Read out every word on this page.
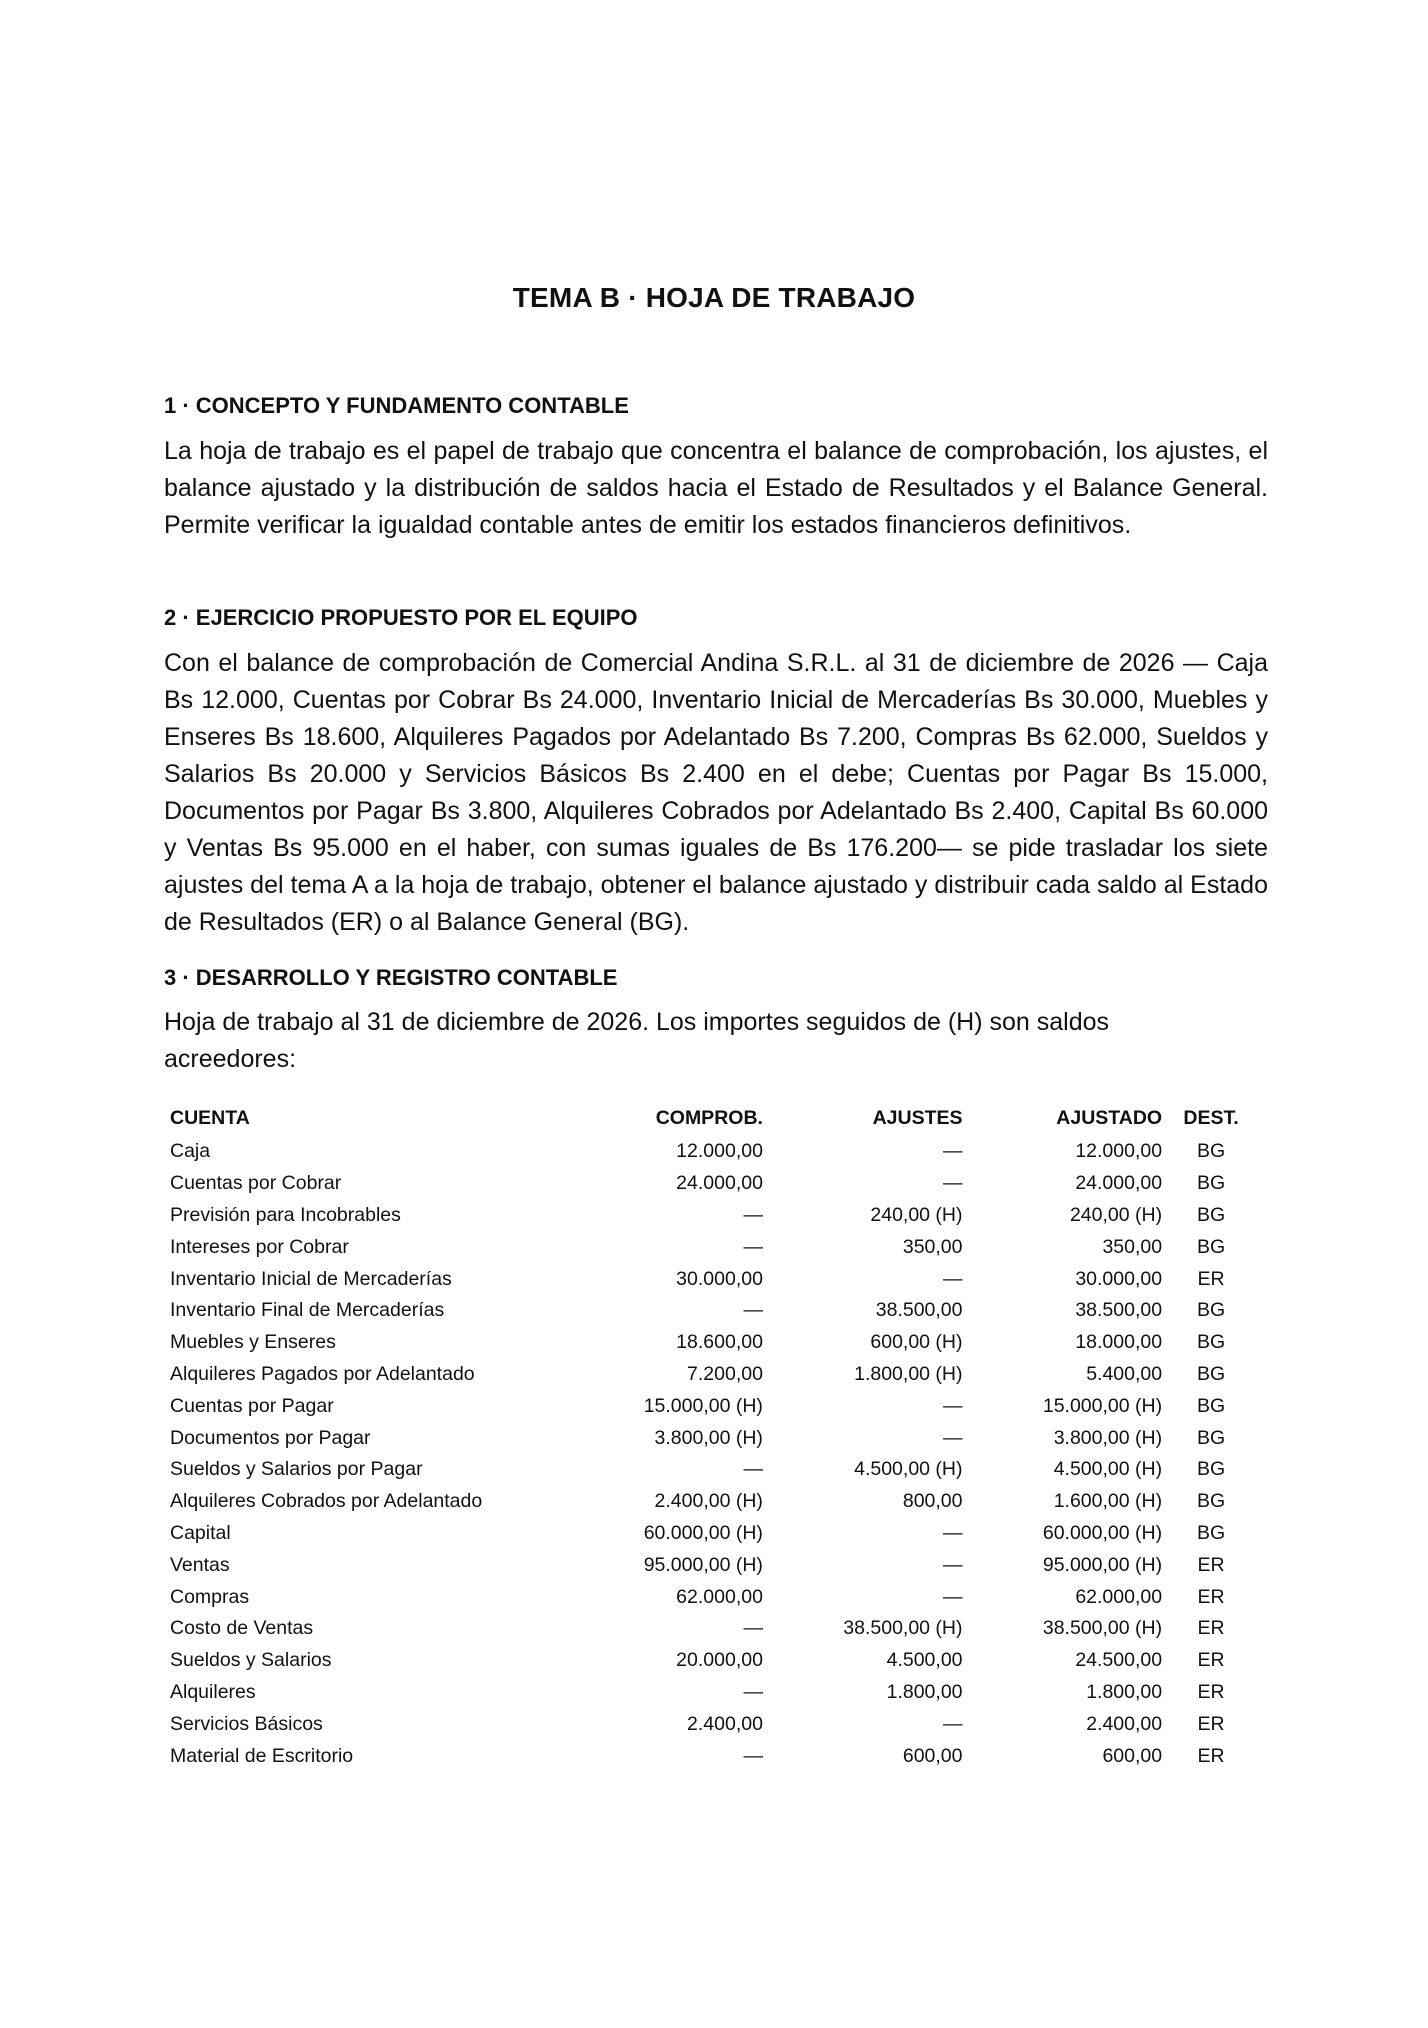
TEMA B · HOJA DE TRABAJO
1 · CONCEPTO Y FUNDAMENTO CONTABLE
La hoja de trabajo es el papel de trabajo que concentra el balance de comprobación, los ajustes, el balance ajustado y la distribución de saldos hacia el Estado de Resultados y el Balance General. Permite verificar la igualdad contable antes de emitir los estados financieros definitivos.
2 · EJERCICIO PROPUESTO POR EL EQUIPO
Con el balance de comprobación de Comercial Andina S.R.L. al 31 de diciembre de 2026 — Caja Bs 12.000, Cuentas por Cobrar Bs 24.000, Inventario Inicial de Mercaderías Bs 30.000, Muebles y Enseres Bs 18.600, Alquileres Pagados por Adelantado Bs 7.200, Compras Bs 62.000, Sueldos y Salarios Bs 20.000 y Servicios Básicos Bs 2.400 en el debe; Cuentas por Pagar Bs 15.000, Documentos por Pagar Bs 3.800, Alquileres Cobrados por Adelantado Bs 2.400, Capital Bs 60.000 y Ventas Bs 95.000 en el haber, con sumas iguales de Bs 176.200— se pide trasladar los siete ajustes del tema A a la hoja de trabajo, obtener el balance ajustado y distribuir cada saldo al Estado de Resultados (ER) o al Balance General (BG).
3 · DESARROLLO Y REGISTRO CONTABLE
Hoja de trabajo al 31 de diciembre de 2026. Los importes seguidos de (H) son saldos acreedores:
CUENTA	COMPROB.	AJUSTES	AJUSTADO	DEST.
Caja	12.000,00	—	12.000,00	BG
Cuentas por Cobrar	24.000,00	—	24.000,00	BG
Previsión para Incobrables	—	240,00 (H)	240,00 (H)	BG
Intereses por Cobrar	—	350,00	350,00	BG
Inventario Inicial de Mercaderías	30.000,00	—	30.000,00	ER
Inventario Final de Mercaderías	—	38.500,00	38.500,00	BG
Muebles y Enseres	18.600,00	600,00 (H)	18.000,00	BG
Alquileres Pagados por Adelantado	7.200,00	1.800,00 (H)	5.400,00	BG
Cuentas por Pagar	15.000,00 (H)	—	15.000,00 (H)	BG
Documentos por Pagar	3.800,00 (H)	—	3.800,00 (H)	BG
Sueldos y Salarios por Pagar	—	4.500,00 (H)	4.500,00 (H)	BG
Alquileres Cobrados por Adelantado	2.400,00 (H)	800,00	1.600,00 (H)	BG
Capital	60.000,00 (H)	—	60.000,00 (H)	BG
Ventas	95.000,00 (H)	—	95.000,00 (H)	ER
Compras	62.000,00	—	62.000,00	ER
Costo de Ventas	—	38.500,00 (H)	38.500,00 (H)	ER
Sueldos y Salarios	20.000,00	4.500,00	24.500,00	ER
Alquileres	—	1.800,00	1.800,00	ER
Servicios Básicos	2.400,00	—	2.400,00	ER
Material de Escritorio	—	600,00	600,00	ER
